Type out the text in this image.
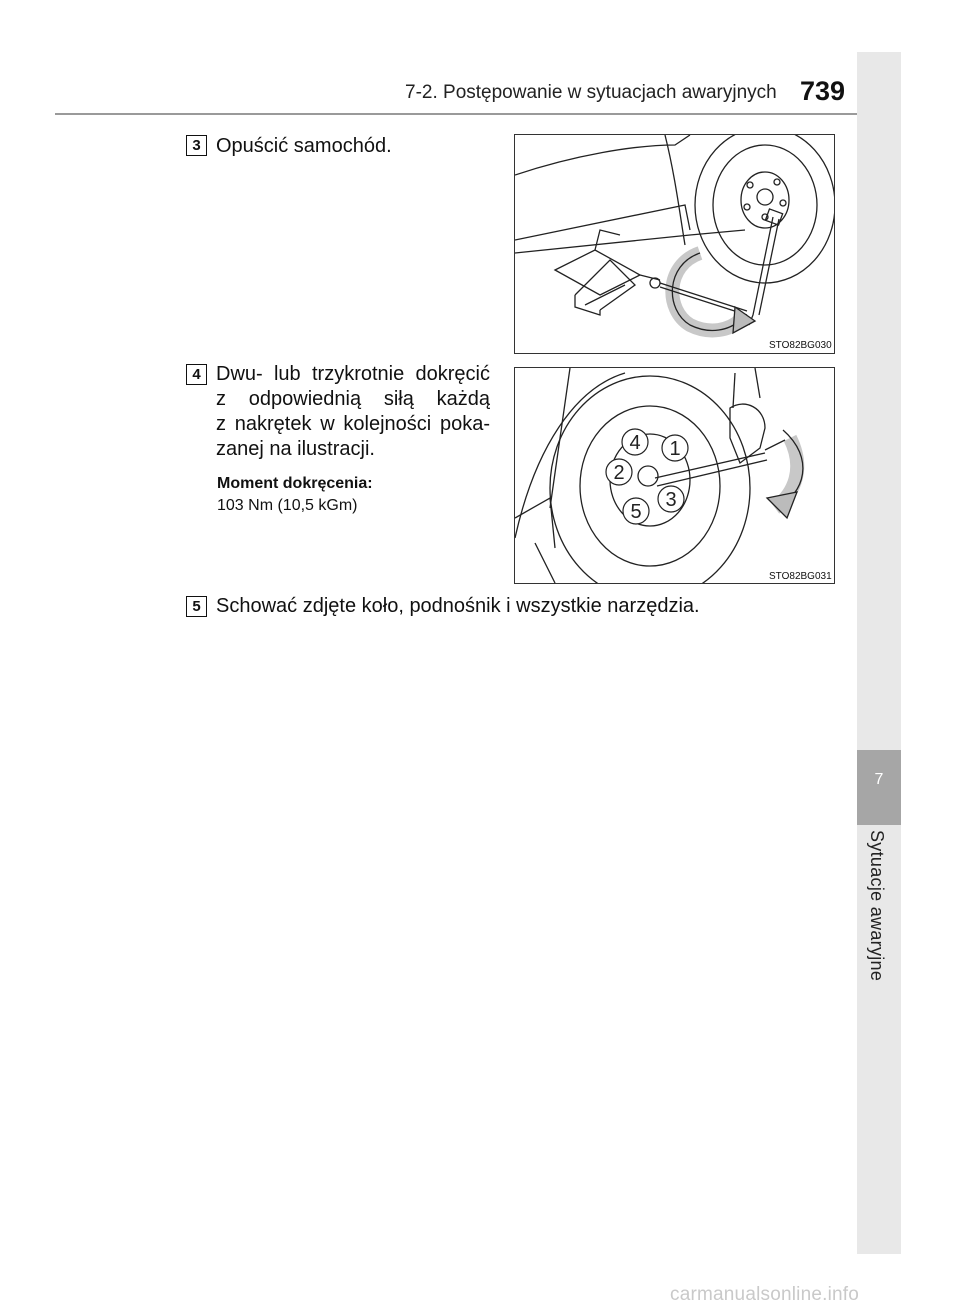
7-2. Postępowanie w sytuacjach awaryjnych 739
7
Sytuacje awaryjne
3 Opuścić samochód.
STO82BG030
4 Dwu- lub trzykrotnie dokręcić
z odpowiednią siłą każdą
z nakrętek w kolejności poka-
zanej na ilustracji.
Moment dokręcenia:
103 Nm (10,5 kGm)
4 1
2
3
5
STO82BG031
5 Schować zdjęte koło, podnośnik i wszystkie narzędzia.
carmanualsonline.info
